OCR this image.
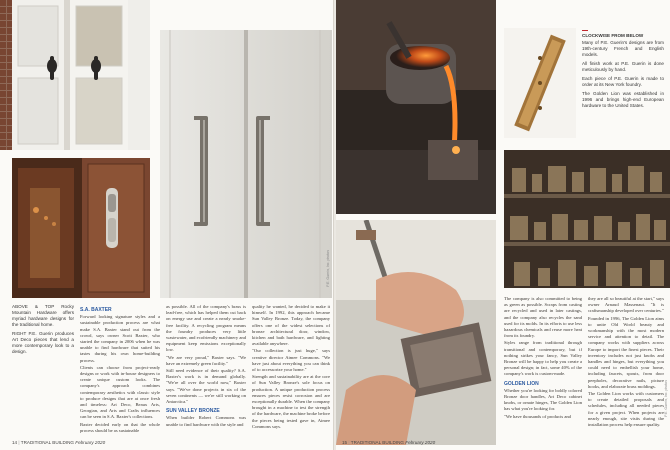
P.E. Guerin, Inc. photos

ABOVE & TOP Rocky Mountain Hardware offers myriad hardware designs for the traditional home.

RIGHT P.E. Guerin produces Art Deco pieces that lend a more contemporary look to a design.

S.A. BAXTER

Forward looking signature styles and a sustainable production process are what make S.A. Baxter stand out from the crowd, says owner Scott Baxter, who started the company in 2006 when he was unable to find hardware that suited his tastes during his own home-building process.

Clients can choose from project-ready designs or work with in-house designers to create unique custom looks. The company's approach combines contemporary aesthetics with classic style to produce designs that are at once fresh and timeless: Art Deco, Beaux Arts, Georgian, and Arts and Crafts influences can be seen in S.A. Baxter's collections.

Baxter decided early on that the whole process should be as sustainable

as possible. All of the company's brass is lead-free, which has helped them cut back on energy use and create a nearly smoke-free facility. A recycling program means the foundry produces very little wastewater, and ecofriendly machinery and equipment keep emissions exceptionally low.

"We are very proud," Baxter says. "We have an extremely green facility."

Still need evidence of their quality? S.A. Baxter's work is in demand globally. "We're all over the world now," Baxter says. "We've done projects in six of the seven continents — we're still working on Antarctica."

SUN VALLEY BRONZE

When builder Robert Commons was unable to find hardware with the style and

quality he wanted, he decided to make it himself. In 1992, this approach became Sun Valley Bronze. Today, the company offers one of the widest selections of bronze architectural door, window, kitchen and bath hardware, and lighting available anywhere.

"Our collection is just huge," says creative director Aimee Commons. "We have just about everything you can think of to accessorize your home."

Strength and sustainability are at the core of Sun Valley Bronze's sole focus on production. A unique production process ensures pieces resist corrosion and are exceptionally durable. When the company brought in a machine to test the strength of the hardware, the machine broke before the pieces being tested gave in, Aimee Commons says.

14 | TRADITIONAL BUILDING February 2020

CLOCKWISE FROM BELOW

Many of P.E. Guerin's designs are from 19th-century French and English models.

All finish work at P.E. Guerin is done meticulously by hand.

Each piece of P.E. Guerin is made to order at its New York foundry.

The Golden Lion was established in 1996 and brings high-end European hardware to the United States.

The company is also committed to being as green as possible. Scraps from casting are recycled and used in later castings, and the company also recycles the sand used for its molds. In its efforts to use less hazardous chemicals and reuse more heat from its foundry.

Styles range from traditional through transitional and contemporary, but if nothing strikes your fancy, Sun Valley Bronze will be happy to help you create a personal design; in fact, some 40% of the company's work is custom-made.

GOLDEN LION

Whether you're looking for boldly colored Bronze door handles, Art Deco cabinet knobs, or ornate hinges, The Golden Lion has what you're looking for.

"We have thousands of products and

they are all so beautiful at the start," says owner Arnaud Massenaut. "It is craftsmanship developed over centuries."

Founded in 1996, The Golden Lion aims to unite Old World beauty and workmanship with the most modern service and attention to detail. The company works with suppliers across Europe to import the finest pieces. Their inventory includes not just knobs and handles and hinges, but everything you could need to embellish your home, including faucets, spouts, from door peepholes, decorative nails, picture hooks, and elaborate brass moldings.

The Golden Lion works with customers to create detailed proposals and schedules, including all needed pieces for a given project. When projects are nearly enough, site visits during the installation process help ensure quality.

P.E. Guerin, Inc. photos
15 | TRADITIONAL BUILDING February 2020
